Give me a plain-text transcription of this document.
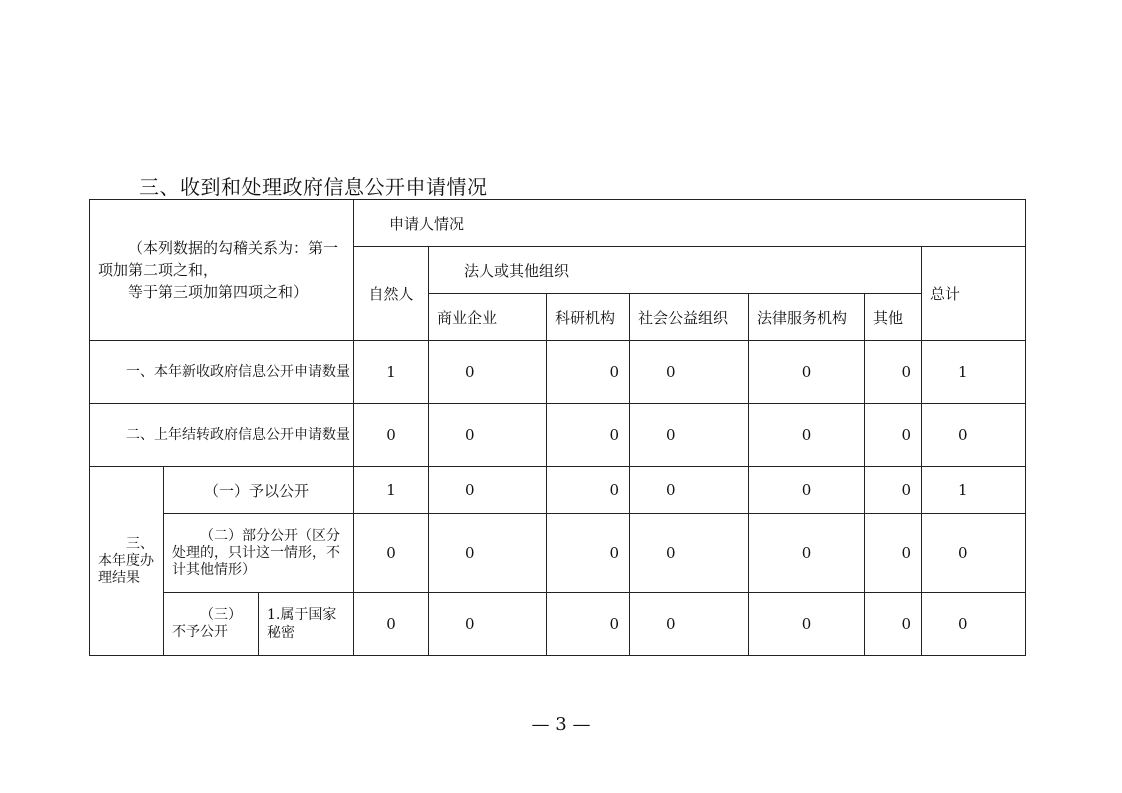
三、收到和处理政府信息公开申请情况
（本列数据的勾稽关系为：第一项加第二项之和，
等于第三项加第四项之和）			申请人情况						
			自然人	法人或其他组织					总计
				商业企业	科研机构	社会公益组织	法律服务机构	其他	
一、本年新收政府信息公开申请数量			1	0	0	0	0	0	1
二、上年结转政府信息公开申请数量			0	0	0	0	0	0	0
三、本年度办理结果	（一）予以公开		1	0	0	0	0	0	1
	（二）部分公开（区分处理的，只计这一情形，不计其他情形）		0	0	0	0	0	0	0
	（三）不予公开	1.属于国家秘密	0	0	0	0	0	0	0
— 3 —
